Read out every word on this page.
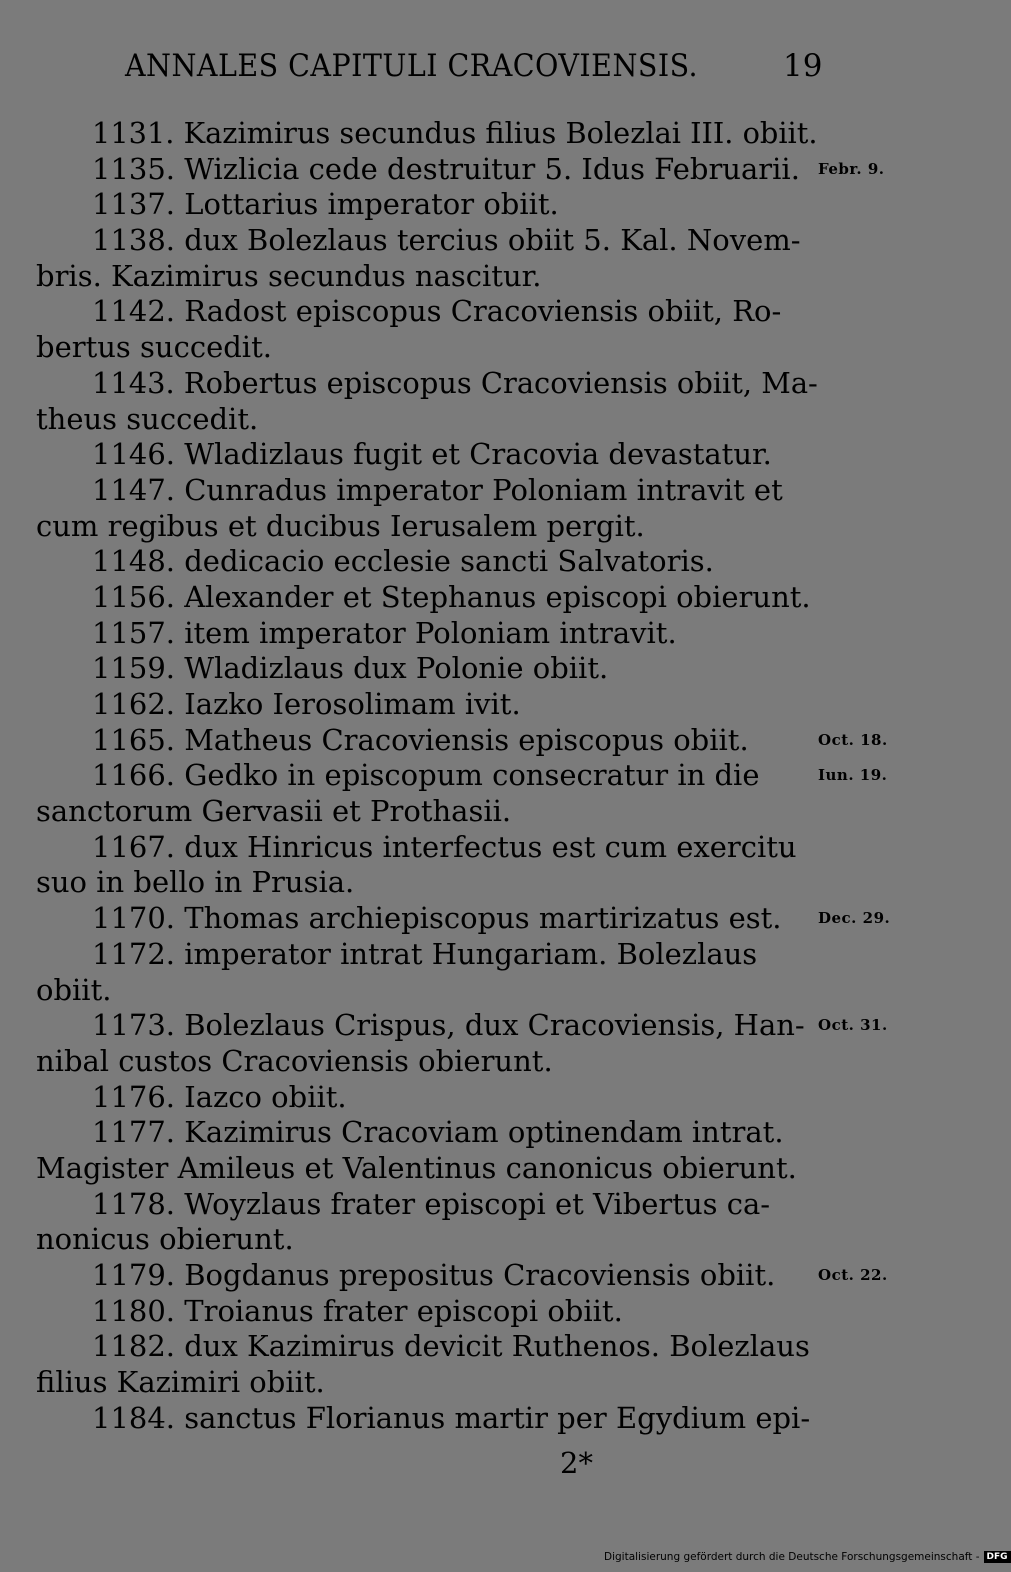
ANNALES CAPITULI CRACOVIENSIS.	19
1131. Kazimirus secundus filius Bolezlai III. obiit.
1135. Wizlicia cede destruitur 5. Idus Februarii. Febr. 9.
1137. Lottarius imperator obiit.
1138. dux Bolezlaus tercius obiit 5. Kal. Novem-
bris. Kazimirus secundus nascitur.
1142. Radost episcopus Cracoviensis obiit, Ro-
bertus succedit.
1143. Robertus episcopus Cracoviensis obiit, Ma-
theus succedit.
1146. Wladizlaus fugit et Cracovia devastatur.
1147. Cunradus imperator Poloniam intravit et
cum regibus et ducibus Ierusalem pergit.
1148. dedicacio ecclesie sancti Salvatoris.
1156. Alexander et Stephanus episcopi obierunt.
1157. item imperator Poloniam intravit.
1159. Wladizlaus dux Polonie obiit.
1162. Iazko Ierosolimam ivit.
1165. Matheus Cracoviensis episcopus obiit.	Oct. 18.
1166. Gedko in episcopum consecratur in die	Iun. 19.
sanctorum Gervasii et Prothasii.
1167. dux Hinricus interfectus est cum exercitu
suo in bello in Prusia.
1170. Thomas archiepiscopus martirizatus est. Dec. 29.
1172. imperator intrat Hungariam. Bolezlaus
obiit.
1173. Bolezlaus Crispus, dux Cracoviensis, Han- Oct. 31.
nibal custos Cracoviensis obierunt.
1176. Iazco obiit.
1177. Kazimirus Cracoviam optinendam intrat.
Magister Amileus et Valentinus canonicus obierunt.
1178. Woyzlaus frater episcopi et Vibertus ca-
nonicus obierunt.
1179. Bogdanus prepositus Cracoviensis obiit.	Oct. 22.
1180. Troianus frater episcopi obiit.
1182. dux Kazimirus devicit Ruthenos. Bolezlaus
filius Kazimiri obiit.
1184. sanctus Florianus martir per Egydium epi-
2*
Digitalisierung gefördert durch die Deutsche Forschungsgemeinschaft - DFG
